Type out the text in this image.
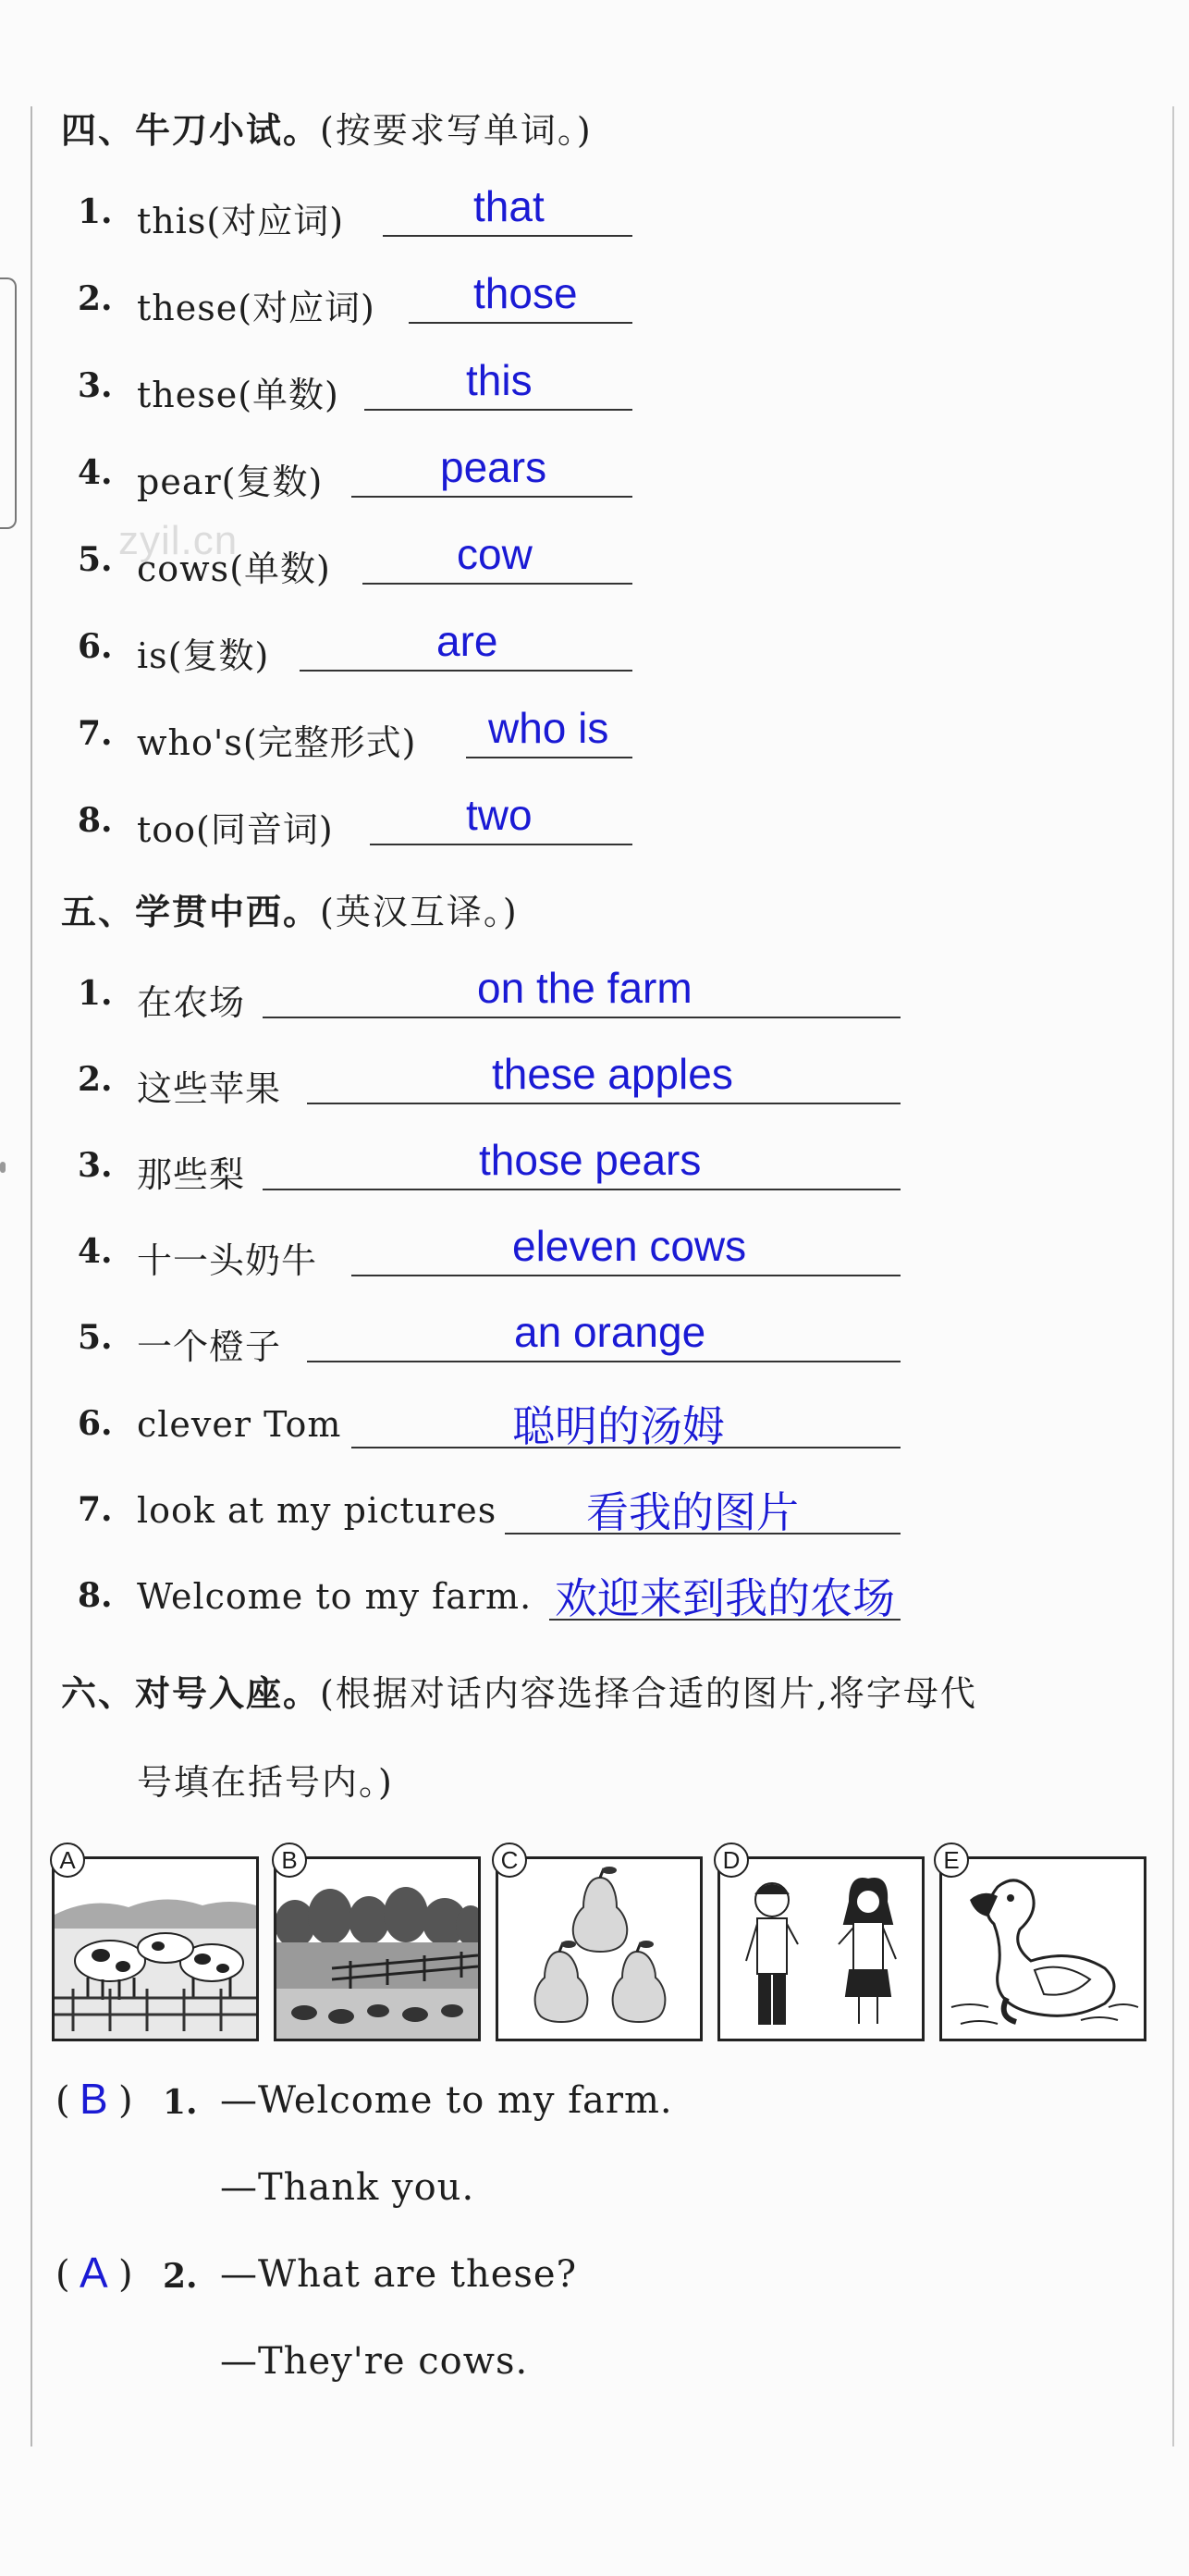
zyil.cn
四、牛刀小试。(按要求写单词。)
1. this(对应词)	that
2. these(对应词) those
3. these(单数)	this
4. pear(复数)	pears
5. cows(单数)	cow
6. is(复数)	are
7. who's(完整形式) who is
8. too(同音词)	two
五、学贯中西。(英汉互译。)
1. 在农场	on the farm
2. 这些苹果	these apples
3. 那些梨	those pears
4. 十一头奶牛	eleven cows
5. 一个橙子	an orange
6. clever Tom	聪明的汤姆
7. look at my pictures 看我的图片
8. Welcome to my farm. 欢迎来到我的农场
六、对号入座。(根据对话内容选择合适的图片,将字母代
号填在括号内。)
A	B	C	D	E
( B ) 1. —Welcome to my farm.
—Thank you.
( A ) 2. —What are these?
—They're cows.
